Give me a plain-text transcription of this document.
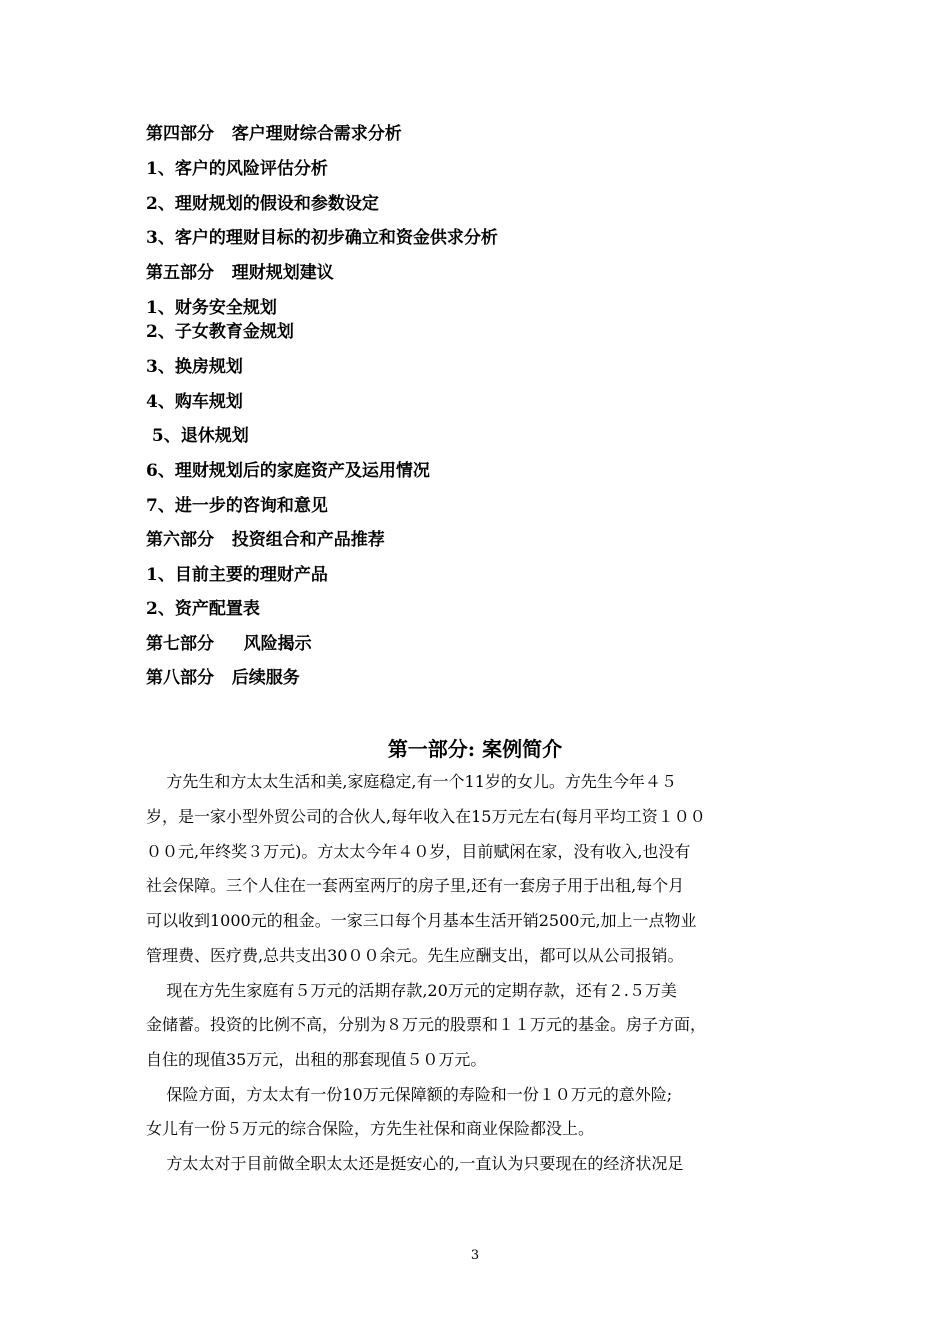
第四部分   客户理财综合需求分析
1、客户的风险评估分析
2、理财规划的假设和参数设定
3、客户的理财目标的初步确立和资金供求分析
第五部分   理财规划建议
1、财务安全规划
2、子女教育金规划
3、换房规划
4、购车规划
5、退休规划
6、理财规划后的家庭资产及运用情况
7、进一步的咨询和意见
第六部分   投资组合和产品推荐
1、目前主要的理财产品
2、资产配置表
第七部分     风险揭示
第八部分   后续服务
第一部分: 案例简介
方先生和方太太生活和美,家庭稳定,有一个11岁的女儿。方先生今年４５
岁，是一家小型外贸公司的合伙人,每年收入在15万元左右(每月平均工资１００
００元,年终奖３万元)。方太太今年４０岁，目前赋闲在家，没有收入,也没有
社会保障。三个人住在一套两室两厅的房子里,还有一套房子用于出租,每个月
可以收到1000元的租金。一家三口每个月基本生活开销2500元,加上一点物业
管理费、医疗费,总共支出30００余元。先生应酬支出，都可以从公司报销。
现在方先生家庭有５万元的活期存款,20万元的定期存款，还有２.５万美
金储蓄。投资的比例不高，分别为８万元的股票和１１万元的基金。房子方面，
自住的现值35万元，出租的那套现值５０万元。
保险方面，方太太有一份10万元保障额的寿险和一份１０万元的意外险;
女儿有一份５万元的综合保险，方先生社保和商业保险都没上。
方太太对于目前做全职太太还是挺安心的,一直认为只要现在的经济状况足
3
